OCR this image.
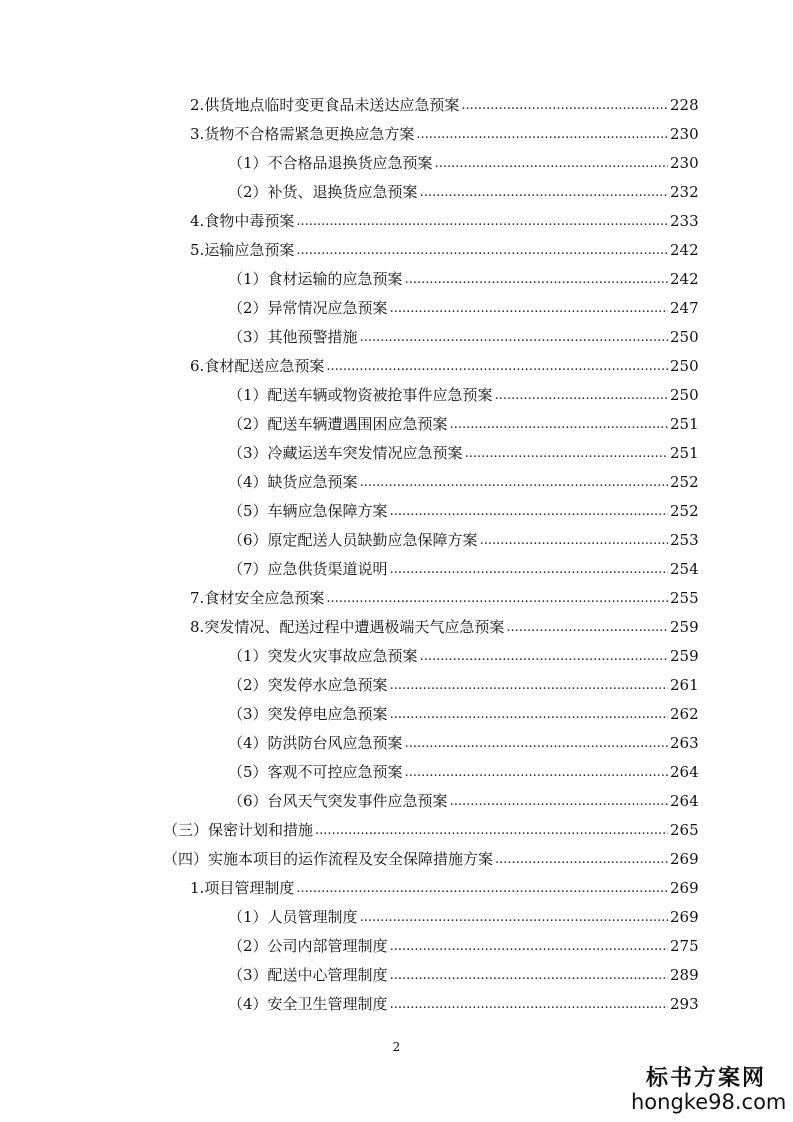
2. 供货地点临时变更食品未送达应急预案 .....	228
3. 货物不合格需紧急更换应急方案 .....	230
（1） 不合格品退换货应急预案 .....	230
（2） 补货、退换货应急预案 .....	232
4. 食物中毒预案 .....	233
5. 运输应急预案 .....	242
（1） 食材运输的应急预案 .....	242
（2） 异常情况应急预案 .....	247
（3） 其他预警措施 .....	250
6. 食材配送应急预案 .....	250
（1） 配送车辆或物资被抢事件应急预案 .....	250
（2） 配送车辆遭遇围困应急预案 .....	251
（3） 冷藏运送车突发情况应急预案 .....	251
（4） 缺货应急预案 .....	252
（5） 车辆应急保障方案 .....	252
（6） 原定配送人员缺勤应急保障方案 .....	253
（7） 应急供货渠道说明 .....	254
7. 食材安全应急预案 .....	255
8. 突发情况、配送过程中遭遇极端天气应急预案 .....	259
（1） 突发火灾事故应急预案 .....	259
（2） 突发停水应急预案 .....	261
（3） 突发停电应急预案 .....	262
（4） 防洪防台风应急预案 .....	263
（5） 客观不可控应急预案 .....	264
（6） 台风天气突发事件应急预案 .....	264
（三） 保密计划和措施 .....	265
（四） 实施本项目的运作流程及安全保障措施方案 .....	269
1. 项目管理制度 .....	269
（1） 人员管理制度 .....	269
（2） 公司内部管理制度 .....	275
（3） 配送中心管理制度 .....	289
（4） 安全卫生管理制度 .....	293
2
标书方案网
hongke98.com
